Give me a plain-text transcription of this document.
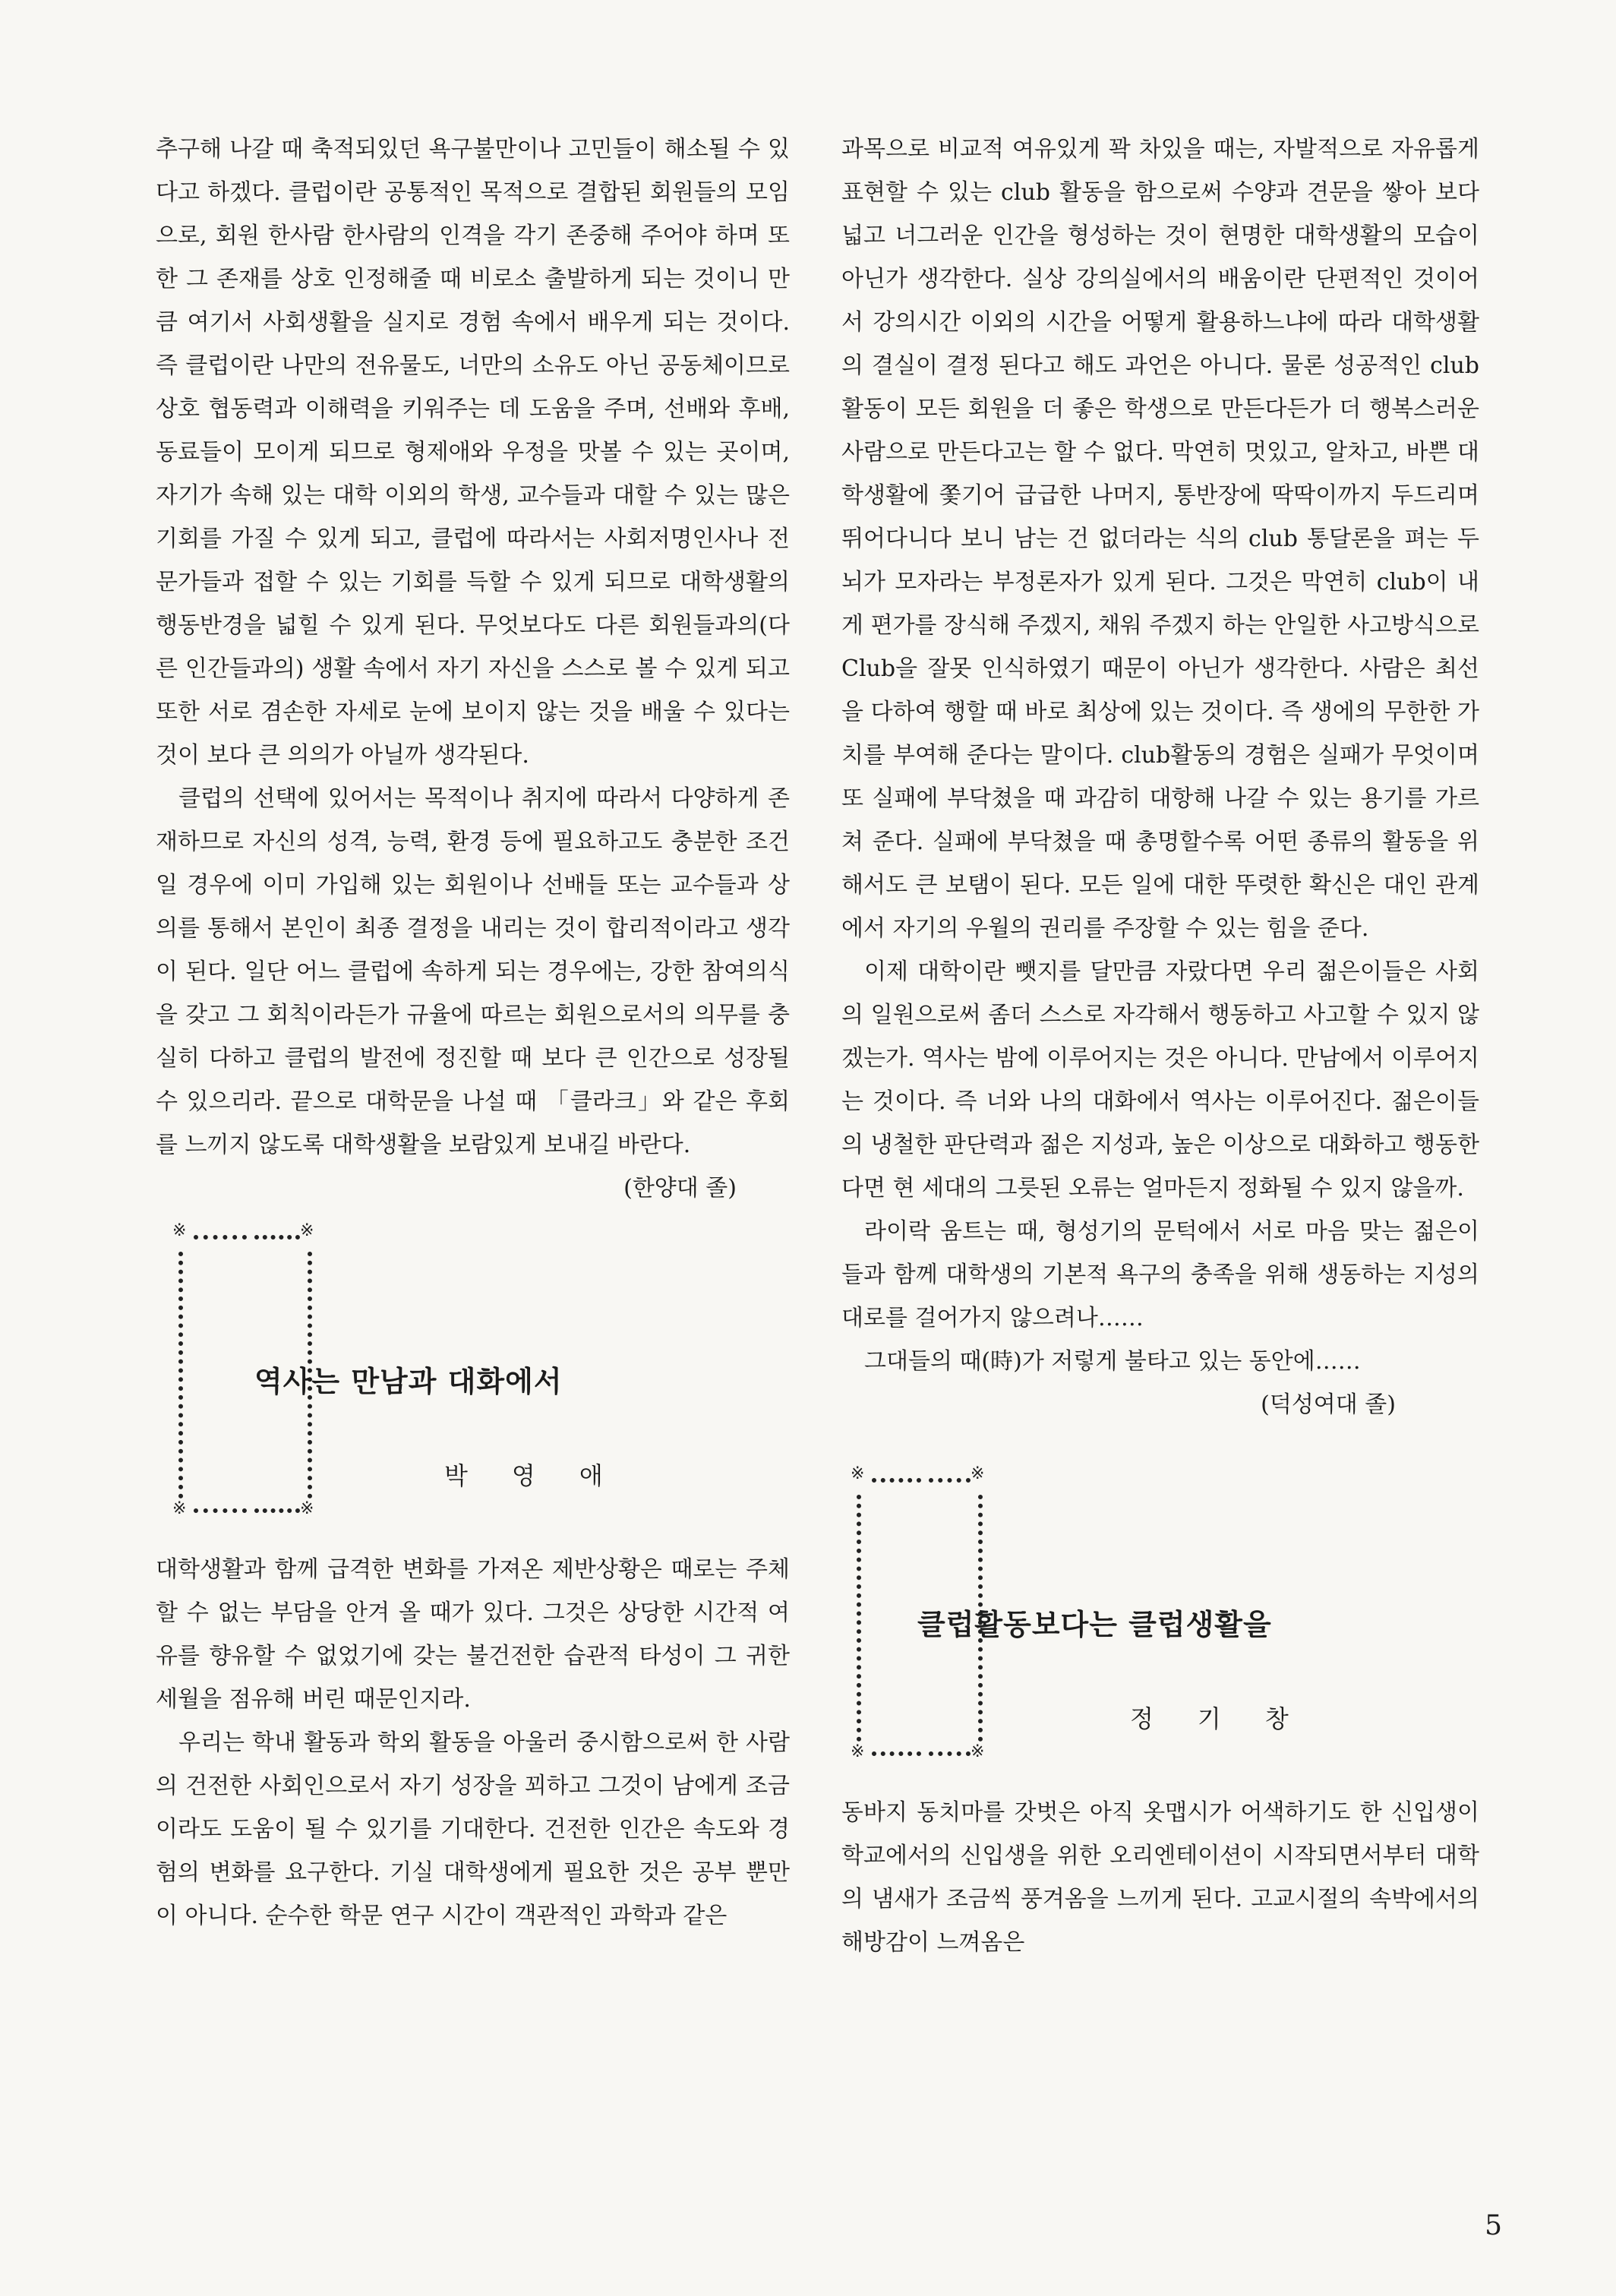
추구해 나갈 때 축적되있던 욕구불만이나 고민들이 해소될 수 있다고 하겠다. 클럽이란 공통적인 목적으로 결합된 회원들의 모임으로, 회원 한사람 한사람의 인격을 각기 존중해 주어야 하며 또한 그 존재를 상호 인정해줄 때 비로소 출발하게 되는 것이니 만큼 여기서 사회생활을 실지로 경험 속에서 배우게 되는 것이다. 즉 클럽이란 나만의 전유물도, 너만의 소유도 아닌 공동체이므로 상호 협동력과 이해력을 키워주는 데 도움을 주며, 선배와 후배, 동료들이 모이게 되므로 형제애와 우정을 맛볼 수 있는 곳이며, 자기가 속해 있는 대학 이외의 학생, 교수들과 대할 수 있는 많은 기회를 가질 수 있게 되고, 클럽에 따라서는 사회저명인사나 전문가들과 접할 수 있는 기회를 득할 수 있게 되므로 대학생활의 행동반경을 넓힐 수 있게 된다. 무엇보다도 다른 회원들과의(다른 인간들과의) 생활 속에서 자기 자신을 스스로 볼 수 있게 되고 또한 서로 겸손한 자세로 눈에 보이지 않는 것을 배울 수 있다는 것이 보다 큰 의의가 아닐까 생각된다.

클럽의 선택에 있어서는 목적이나 취지에 따라서 다양하게 존재하므로 자신의 성격, 능력, 환경 등에 필요하고도 충분한 조건일 경우에 이미 가입해 있는 회원이나 선배들 또는 교수들과 상의를 통해서 본인이 최종 결정을 내리는 것이 합리적이라고 생각이 된다. 일단 어느 클럽에 속하게 되는 경우에는, 강한 참여의식을 갖고 그 회칙이라든가 규율에 따르는 회원으로서의 의무를 충실히 다하고 클럽의 발전에 정진할 때 보다 큰 인간으로 성장될 수 있으리라. 끝으로 대학문을 나설 때 「클라크」와 같은 후회를 느끼지 않도록 대학생활을 보람있게 보내길 바란다.

(한양대 졸)

※	※
※	※
역사는 만남과 대화에서
박영애

대학생활과 함께 급격한 변화를 가져온 제반상황은 때로는 주체할 수 없는 부담을 안겨 올 때가 있다. 그것은 상당한 시간적 여유를 향유할 수 없었기에 갖는 불건전한 습관적 타성이 그 귀한 세월을 점유해 버린 때문인지라.

우리는 학내 활동과 학외 활동을 아울러 중시함으로써 한 사람의 건전한 사회인으로서 자기 성장을 꾀하고 그것이 남에게 조금이라도 도움이 될 수 있기를 기대한다. 건전한 인간은 속도와 경험의 변화를 요구한다. 기실 대학생에게 필요한 것은 공부 뿐만이 아니다. 순수한 학문 연구 시간이 객관적인 과학과 같은

과목으로 비교적 여유있게 꽉 차있을 때는, 자발적으로 자유롭게 표현할 수 있는 club 활동을 함으로써 수양과 견문을 쌓아 보다 넓고 너그러운 인간을 형성하는 것이 현명한 대학생활의 모습이 아닌가 생각한다. 실상 강의실에서의 배움이란 단편적인 것이어서 강의시간 이외의 시간을 어떻게 활용하느냐에 따라 대학생활의 결실이 결정 된다고 해도 과언은 아니다. 물론 성공적인 club활동이 모든 회원을 더 좋은 학생으로 만든다든가 더 행복스러운 사람으로 만든다고는 할 수 없다. 막연히 멋있고, 알차고, 바쁜 대학생활에 쫓기어 급급한 나머지, 통반장에 딱딱이까지 두드리며 뛰어다니다 보니 남는 건 없더라는 식의 club 통달론을 펴는 두뇌가 모자라는 부정론자가 있게 된다. 그것은 막연히 club이 내게 편가를 장식해 주겠지, 채워 주겠지 하는 안일한 사고방식으로 Club을 잘못 인식하였기 때문이 아닌가 생각한다. 사람은 최선을 다하여 행할 때 바로 최상에 있는 것이다. 즉 생에의 무한한 가치를 부여해 준다는 말이다. club활동의 경험은 실패가 무엇이며 또 실패에 부닥쳤을 때 과감히 대항해 나갈 수 있는 용기를 가르쳐 준다. 실패에 부닥쳤을 때 총명할수록 어떤 종류의 활동을 위해서도 큰 보탬이 된다. 모든 일에 대한 뚜렷한 확신은 대인 관계에서 자기의 우월의 권리를 주장할 수 있는 힘을 준다.

이제 대학이란 뺏지를 달만큼 자랐다면 우리 젊은이들은 사회의 일원으로써 좀더 스스로 자각해서 행동하고 사고할 수 있지 않겠는가. 역사는 밤에 이루어지는 것은 아니다. 만남에서 이루어지는 것이다. 즉 너와 나의 대화에서 역사는 이루어진다. 젊은이들의 냉철한 판단력과 젊은 지성과, 높은 이상으로 대화하고 행동한다면 현 세대의 그릇된 오류는 얼마든지 정화될 수 있지 않을까.

라이락 움트는 때, 형성기의 문턱에서 서로 마음 맞는 젊은이들과 함께 대학생의 기본적 욕구의 충족을 위해 생동하는 지성의 대로를 걸어가지 않으려나……

그대들의 때(時)가 저렇게 불타고 있는 동안에……

(덕성여대 졸)

※	※
※	※
클럽활동보다는 클럽생활을
정기창

동바지 동치마를 갓벗은 아직 옷맵시가 어색하기도 한 신입생이 학교에서의 신입생을 위한 오리엔테이션이 시작되면서부터 대학의 냄새가 조금씩 풍겨옴을 느끼게 된다. 고교시절의 속박에서의 해방감이 느껴옴은

5
